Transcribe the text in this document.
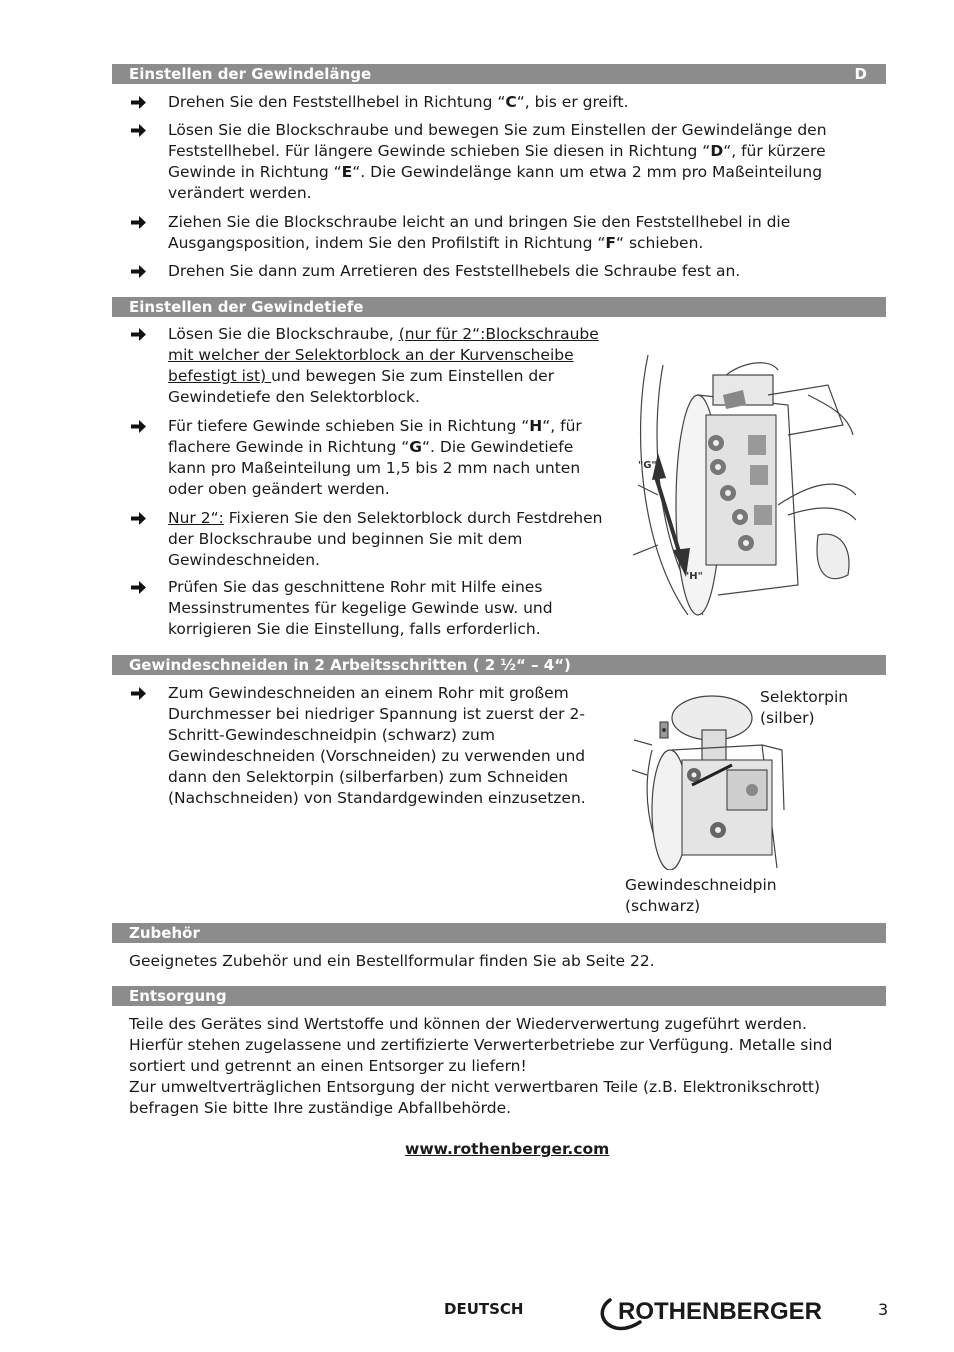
Einstellen der Gewindelänge	D
Drehen Sie den Feststellhebel in Richtung “C“, bis er greift.
Lösen Sie die Blockschraube und bewegen Sie zum Einstellen der Gewindelänge den Feststellhebel. Für längere Gewinde schieben Sie diesen in Richtung “D“, für kürzere Gewinde in Richtung “E“. Die Gewindelänge kann um etwa 2 mm pro Maßeinteilung verändert werden.
Ziehen Sie die Blockschraube leicht an und bringen Sie den Feststellhebel in die Ausgangsposition, indem Sie den Profilstift in Richtung “F“ schieben.
Drehen Sie dann zum Arretieren des Feststellhebels die Schraube fest an.
Einstellen der Gewindetiefe
Lösen Sie die Blockschraube, (nur für 2“:Blockschraube mit welcher der Selektorblock an der Kurvenscheibe befestigt ist) und bewegen Sie zum Einstellen der Gewindetiefe den Selektorblock.
Für tiefere Gewinde schieben Sie in Richtung “H“, für flachere Gewinde in Richtung “G“. Die Gewindetiefe kann pro Maßeinteilung um 1,5 bis 2 mm nach unten oder oben geändert werden.
Nur 2“: Fixieren Sie den Selektorblock durch Festdrehen der Blockschraube und beginnen Sie mit dem Gewindeschneiden.
Prüfen Sie das geschnittene Rohr mit Hilfe eines Messinstrumentes für kegelige Gewinde usw. und korrigieren Sie die Einstellung, falls erforderlich.
"G"
"H"
Gewindeschneiden in 2 Arbeitsschritten ( 2 ½“ – 4“)
Zum Gewindeschneiden an einem Rohr mit großem Durchmesser bei niedriger Spannung ist zuerst der 2-Schritt-Gewindeschneidpin (schwarz) zum Gewindeschneiden (Vorschneiden) zu verwenden und dann den Selektorpin (silberfarben) zum Schneiden (Nachschneiden) von Standardgewinden einzusetzen.
Selektorpin
(silber)
Gewindeschneidpin
(schwarz)
Zubehör
Geeignetes Zubehör und ein Bestellformular finden Sie ab Seite 22.
Entsorgung
Teile des Gerätes sind Wertstoffe und können der Wiederverwertung zugeführt werden.
Hierfür stehen zugelassene und zertifizierte Verwerterbetriebe zur Verfügung. Metalle sind
sortiert und getrennt an einen Entsorger zu liefern!
Zur umweltverträglichen Entsorgung der nicht verwertbaren Teile (z.B. Elektronikschrott)
befragen Sie bitte Ihre zuständige Abfallbehörde.
www.rothenberger.com
DEUTSCH	ROTHENBERGER	3
